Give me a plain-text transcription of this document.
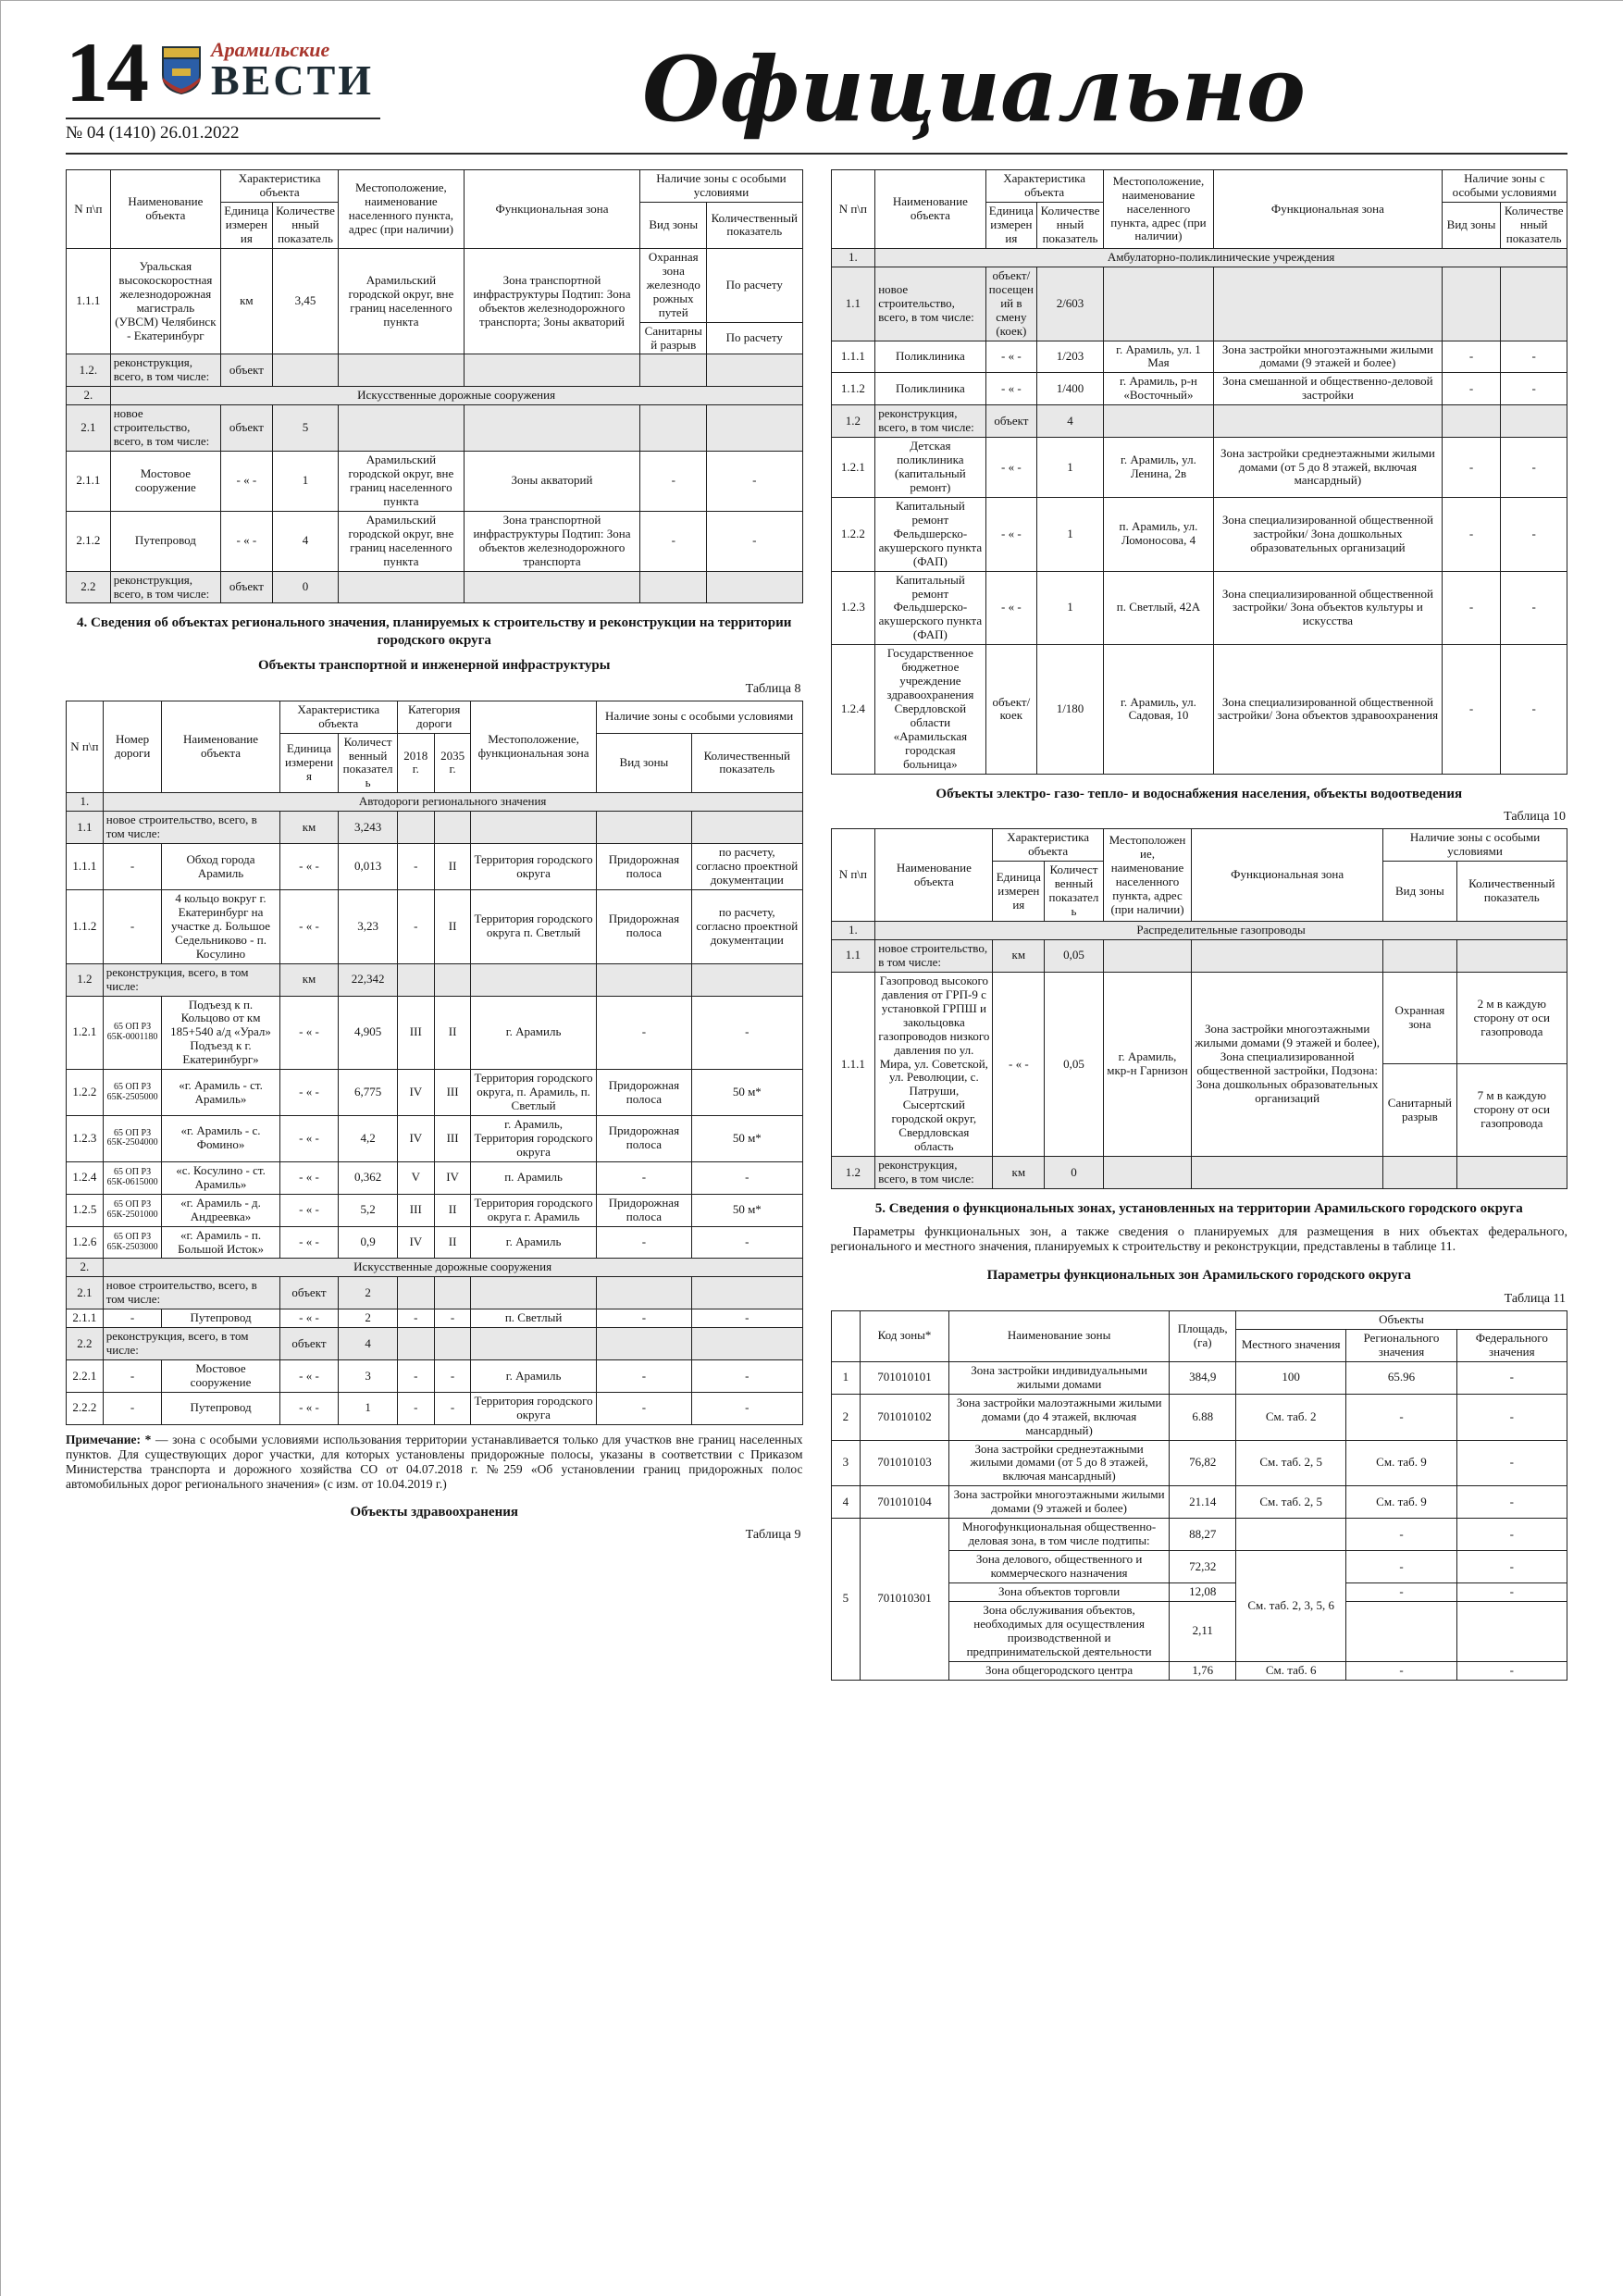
14	Арамильские
ВЕСТИ
№ 04 (1410) 26.01.2022	Официально
N п\п	Наименование объекта	Характеристика объекта		Местоположение, наименование населенного пункта, адрес (при наличии)	Функциональная зона	Наличие зоны с особыми условиями	
		Единица измерения	Количественный показатель			Вид зоны	Количественный показатель
1.1.1	Уральская высокоскоростная железнодорожная магистраль (УВСМ) Челябинск - Екатеринбург	км	3,45	Арамильский городской округ, вне границ населенного пункта	Зона транспортной инфраструктуры Подтип: Зона объектов железнодорожного транспорта; Зоны акваторий	Охранная зона железнодорожных путей	По расчету
						Санитарный разрыв	По расчету
1.2.	реконструкция, всего, в том числе:	объект					
2.	Искусственные дорожные сооружения						
2.1	новое строительство, всего, в том числе:	объект	5				
2.1.1	Мостовое сооружение	- « -	1	Арамильский городской округ, вне границ населенного пункта	Зоны акваторий	-	-
2.1.2	Путепровод	- « -	4	Арамильский городской округ, вне границ населенного пункта	Зона транспортной инфраструктуры Подтип: Зона объектов железнодорожного транспорта	-	-
2.2	реконструкция, всего, в том числе:	объект	0				

4. Сведения об объектах регионального значения, планируемых к строительству и реконструкции на территории городского округа

Объекты транспортной и инженерной инфраструктуры

Таблица 8
N п\п	Номер дороги	Наименование объекта	Характеристика объекта		Категория дороги		Местоположение, функциональная зона	Наличие зоны с особыми условиями	
			Единица измерения	Количественный показатель	2018 г.	2035 г.		Вид зоны	Количественный показатель
1.	Автодороги регионального значения								
1.1	новое строительство, всего, в том числе:		км	3,243					
1.1.1	-	Обход города Арамиль	- « -	0,013	-	II	Территория городского округа	Придорожная полоса	по расчету, согласно проектной документации
1.1.2	-	4 кольцо вокруг г. Екатеринбург на участке д. Большое Седельниково - п. Косулино	- « -	3,23	-	II	Территория городского округа п. Светлый	Придорожная полоса	по расчету, согласно проектной документации
1.2	реконструкция, всего, в том числе:		км	22,342					
1.2.1	65 ОП РЗ 65К-0001180	Подъезд к п. Кольцово от км 185+540 а/д «Урал» Подъезд к г. Екатеринбург»	- « -	4,905	III	II	г. Арамиль	-	-
1.2.2	65 ОП РЗ 65К-2505000	«г. Арамиль - ст. Арамиль»	- « -	6,775	IV	III	Территория городского округа, п. Арамиль, п. Светлый	Придорожная полоса	50 м*
1.2.3	65 ОП РЗ 65К-2504000	«г. Арамиль - с. Фомино»	- « -	4,2	IV	III	г. Арамиль, Территория городского округа	Придорожная полоса	50 м*
1.2.4	65 ОП РЗ 65К-0615000	«с. Косулино - ст. Арамиль»	- « -	0,362	V	IV	п. Арамиль	-	-
1.2.5	65 ОП РЗ 65К-2501000	«г. Арамиль - д. Андреевка»	- « -	5,2	III	II	Территория городского округа г. Арамиль	Придорожная полоса	50 м*
1.2.6	65 ОП РЗ 65К-2503000	«г. Арамиль - п. Большой Исток»	- « -	0,9	IV	II	г. Арамиль	-	-
2.	Искусственные дорожные сооружения								
2.1	новое строительство, всего, в том числе:		объект	2					
2.1.1	-	Путепровод	- « -	2	-	-	п. Светлый	-	-
2.2	реконструкция, всего, в том числе:		объект	4					
2.2.1	-	Мостовое сооружение	- « -	3	-	-	г. Арамиль	-	-
2.2.2	-	Путепровод	- « -	1	-	-	Территория городского округа	-	-

Примечание: * — зона с особыми условиями использования территории устанавливается только для участков вне границ населенных пунктов. Для существующих дорог участки, для которых установлены придорожные полосы, указаны в соответствии с Приказом Министерства транспорта и дорожного хозяйства СО от 04.07.2018 г. №259 «Об установлении границ придорожных полос автомобильных дорог регионального значения» (с изм. от 10.04.2019 г.)

Объекты здравоохранения

Таблица 9
N п\п	Наименование объекта	Характеристика объекта		Местоположение, наименование населенного пункта, адрес (при наличии)	Функциональная зона	Наличие зоны с особыми условиями	
		Единица измерения	Количественный показатель			Вид зоны	Количественный показатель
1.	Амбулаторно-поликлинические учреждения						
1.1	новое строительство, всего, в том числе:	объект/посещений в смену (коек)	2/603				
1.1.1	Поликлиника	- « -	1/203	г. Арамиль, ул. 1 Мая	Зона застройки многоэтажными жилыми домами (9 этажей и более)	-	-
1.1.2	Поликлиника	- « -	1/400	г. Арамиль, р-н «Восточный»	Зона смешанной и общественно-деловой застройки	-	-
1.2	реконструкция, всего, в том числе:	объект	4				
1.2.1	Детская поликлиника (капитальный ремонт)	- « -	1	г. Арамиль, ул. Ленина, 2в	Зона застройки среднеэтажными жилыми домами (от 5 до 8 этажей, включая мансардный)	-	-
1.2.2	Капитальный ремонт Фельдшерско-акушерского пункта (ФАП)	- « -	1	п. Арамиль, ул. Ломоносова, 4	Зона специализированной общественной застройки/ Зона дошкольных образовательных организаций	-	-
1.2.3	Капитальный ремонт Фельдшерско-акушерского пункта (ФАП)	- « -	1	п. Светлый, 42А	Зона специализированной общественной застройки/ Зона объектов культуры и искусства	-	-
1.2.4	Государственное бюджетное учреждение здравоохранения Свердловской области «Арамильская городская больница»	объект/коек	1/180	г. Арамиль, ул. Садовая, 10	Зона специализированной общественной застройки/ Зона объектов здравоохранения	-	-

Объекты электро- газо- тепло- и водоснабжения населения, объекты водоотведения

Таблица 10
N п\п	Наименование объекта	Характеристика объекта		Местоположение, наименование населенного пункта, адрес (при наличии)	Функциональная зона	Наличие зоны с особыми условиями	
		Единица измерения	Количественный показатель			Вид зоны	Количественный показатель
1.	Распределительные газопроводы						
1.1	новое строительство, в том числе:	км	0,05				
1.1.1	Газопровод высокого давления от ГРП-9 с установкой ГРПШ и закольцовка газопроводов низкого давления по ул. Мира, ул. Советской, ул. Революции, с. Патруши, Сысертский городской округ, Свердловская область	- « -	0,05	г. Арамиль, мкр-н Гарнизон	Зона застройки многоэтажными жилыми домами (9 этажей и более), Зона специализированной общественной застройки, Подзона: Зона дошкольных образовательных организаций	Охранная зона	2 м в каждую сторону от оси газопровода
						Санитарный разрыв	7 м в каждую сторону от оси газопровода
1.2	реконструкция, всего, в том числе:	км	0				

5. Сведения о функциональных зонах, установленных на территории Арамильского городского округа

Параметры функциональных зон, а также сведения о планируемых для размещения в них объектах федерального, регионального и местного значения, планируемых к строительству и реконструкции, представлены в таблице 11.

Параметры функциональных зон Арамильского городского округа

Таблица 11
	Код зоны*	Наименование зоны	Площадь,(га)	Объекты		
				Местного значения	Регионального значения	Федерального значения
1	701010101	Зона застройки индивидуальными жилыми домами	384,9	100	65.96	-
2	701010102	Зона застройки малоэтажными жилыми домами (до 4 этажей, включая мансардный)	6.88	См. таб. 2	-	-
3	701010103	Зона застройки среднеэтажными жилыми домами (от 5 до 8 этажей, включая мансардный)	76,82	См. таб. 2, 5	См. таб. 9	-
4	701010104	Зона застройки многоэтажными жилыми домами (9 этажей и более)	21.14	См. таб. 2, 5	См. таб. 9	-
5	701010301	Многофункциональная общественно-деловая зона, в том числе подтипы:	88,27		-	-
		Зона делового, общественного и коммерческого назначения	72,32	См. таб. 2, 3, 5, 6	-	-
		Зона объектов торговли	12,08		-	-
		Зона обслуживания объектов, необходимых для осуществления производственной и предпринимательской деятельности	2,11			
		Зона общегородского центра	1,76	См. таб. 6	-	-
